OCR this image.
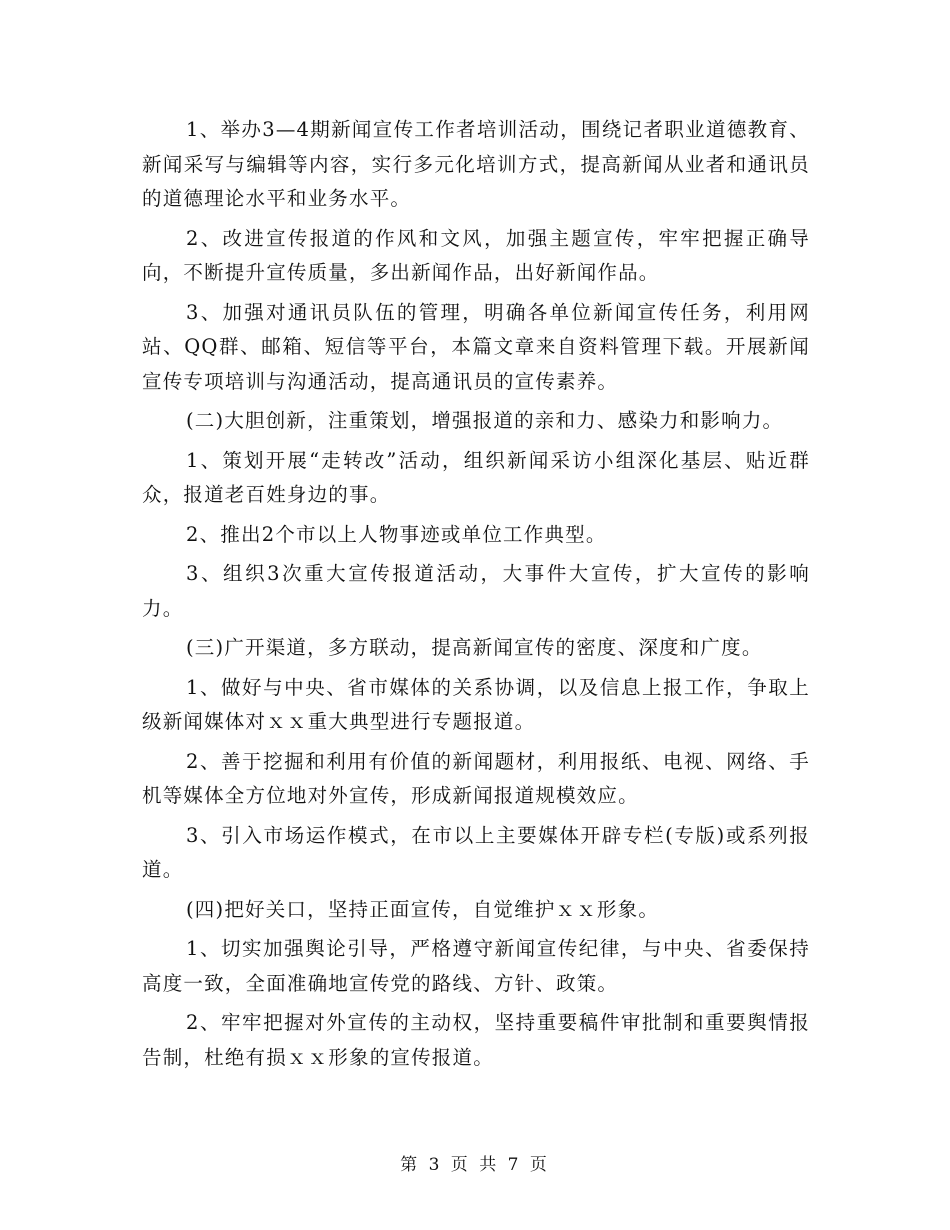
1、举办3—4期新闻宣传工作者培训活动，围绕记者职业道德教育、新闻采写与编辑等内容，实行多元化培训方式，提高新闻从业者和通讯员的道德理论水平和业务水平。

2、改进宣传报道的作风和文风，加强主题宣传，牢牢把握正确导向，不断提升宣传质量，多出新闻作品，出好新闻作品。

3、加强对通讯员队伍的管理，明确各单位新闻宣传任务，利用网站、QQ群、邮箱、短信等平台，本篇文章来自资料管理下载。开展新闻宣传专项培训与沟通活动，提高通讯员的宣传素养。

(二)大胆创新，注重策划，增强报道的亲和力、感染力和影响力。

1、策划开展“走转改”活动，组织新闻采访小组深化基层、贴近群众，报道老百姓身边的事。

2、推出2个市以上人物事迹或单位工作典型。

3、组织3次重大宣传报道活动，大事件大宣传，扩大宣传的影响力。

(三)广开渠道，多方联动，提高新闻宣传的密度、深度和广度。

1、做好与中央、省市媒体的关系协调，以及信息上报工作，争取上级新闻媒体对ｘｘ重大典型进行专题报道。

2、善于挖掘和利用有价值的新闻题材，利用报纸、电视、网络、手机等媒体全方位地对外宣传，形成新闻报道规模效应。

3、引入市场运作模式，在市以上主要媒体开辟专栏(专版)或系列报道。

(四)把好关口，坚持正面宣传，自觉维护ｘｘ形象。

1、切实加强舆论引导，严格遵守新闻宣传纪律，与中央、省委保持高度一致，全面准确地宣传党的路线、方针、政策。

2、牢牢把握对外宣传的主动权，坚持重要稿件审批制和重要舆情报告制，杜绝有损ｘｘ形象的宣传报道。

第 3 页 共 7 页
